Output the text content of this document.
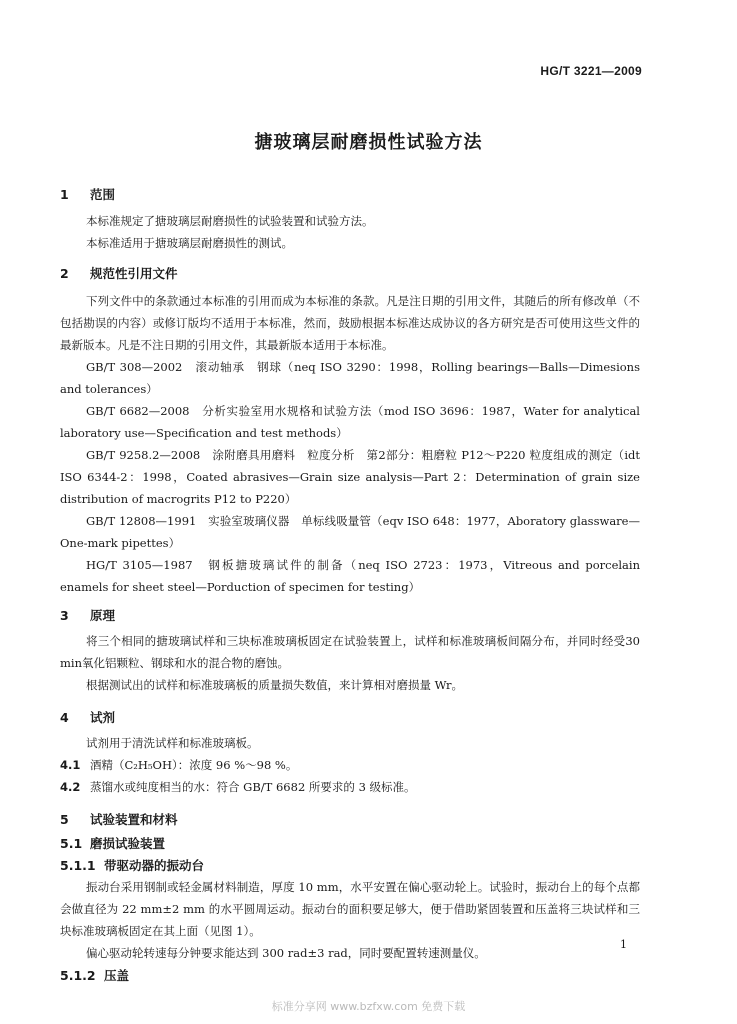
HG/T 3221—2009
搪玻璃层耐磨损性试验方法
1 范围
本标准规定了搪玻璃层耐磨损性的试验装置和试验方法。
本标准适用于搪玻璃层耐磨损性的测试。
2 规范性引用文件
下列文件中的条款通过本标准的引用而成为本标准的条款。凡是注日期的引用文件，其随后的所有修改单（不包括勘误的内容）或修订版均不适用于本标准，然而，鼓励根据本标准达成协议的各方研究是否可使用这些文件的最新版本。凡是不注日期的引用文件，其最新版本适用于本标准。
GB/T 308—2002　滚动轴承　钢球（neq ISO 3290：1998，Rolling bearings—Balls—Dimesions and tolerances）
GB/T 6682—2008　分析实验室用水规格和试验方法（mod ISO 3696：1987，Water for analytical laboratory use—Specification and test methods）
GB/T 9258.2—2008　涂附磨具用磨料　粒度分析　第2部分：粗磨粒 P12～P220 粒度组成的测定（idt ISO 6344-2：1998，Coated abrasives—Grain size analysis—Part 2：Determination of grain size distribution of macrogrits P12 to P220）
GB/T 12808—1991　实验室玻璃仪器　单标线吸量管（eqv ISO 648：1977，Aboratory glassware—One-mark pipettes）
HG/T 3105—1987　钢板搪玻璃试件的制备（neq ISO 2723：1973，Vitreous and porcelain enamels for sheet steel—Porduction of specimen for testing）
3 原理
将三个相同的搪玻璃试样和三块标准玻璃板固定在试验装置上，试样和标准玻璃板间隔分布，并同时经受30 min氧化铝颗粒、钢球和水的混合物的磨蚀。
根据测试出的试样和标准玻璃板的质量损失数值，来计算相对磨损量 Wr。
4 试剂
试剂用于清洗试样和标准玻璃板。
4.1 酒精（C₂H₅OH）：浓度 96 %～98 %。
4.2 蒸馏水或纯度相当的水：符合 GB/T 6682 所要求的 3 级标准。
5 试验装置和材料
5.1 磨损试验装置
5.1.1 带驱动器的振动台
振动台采用钢制或轻金属材料制造，厚度 10 mm，水平安置在偏心驱动轮上。试验时，振动台上的每个点都会做直径为 22 mm±2 mm 的水平圆周运动。振动台的面积要足够大，便于借助紧固装置和压盖将三块试样和三块标准玻璃板固定在其上面（见图 1）。
偏心驱动轮转速每分钟要求能达到 300 rad±3 rad，同时要配置转速测量仪。
5.1.2 压盖
1
标准分享网 www.bzfxw.com 免费下载
